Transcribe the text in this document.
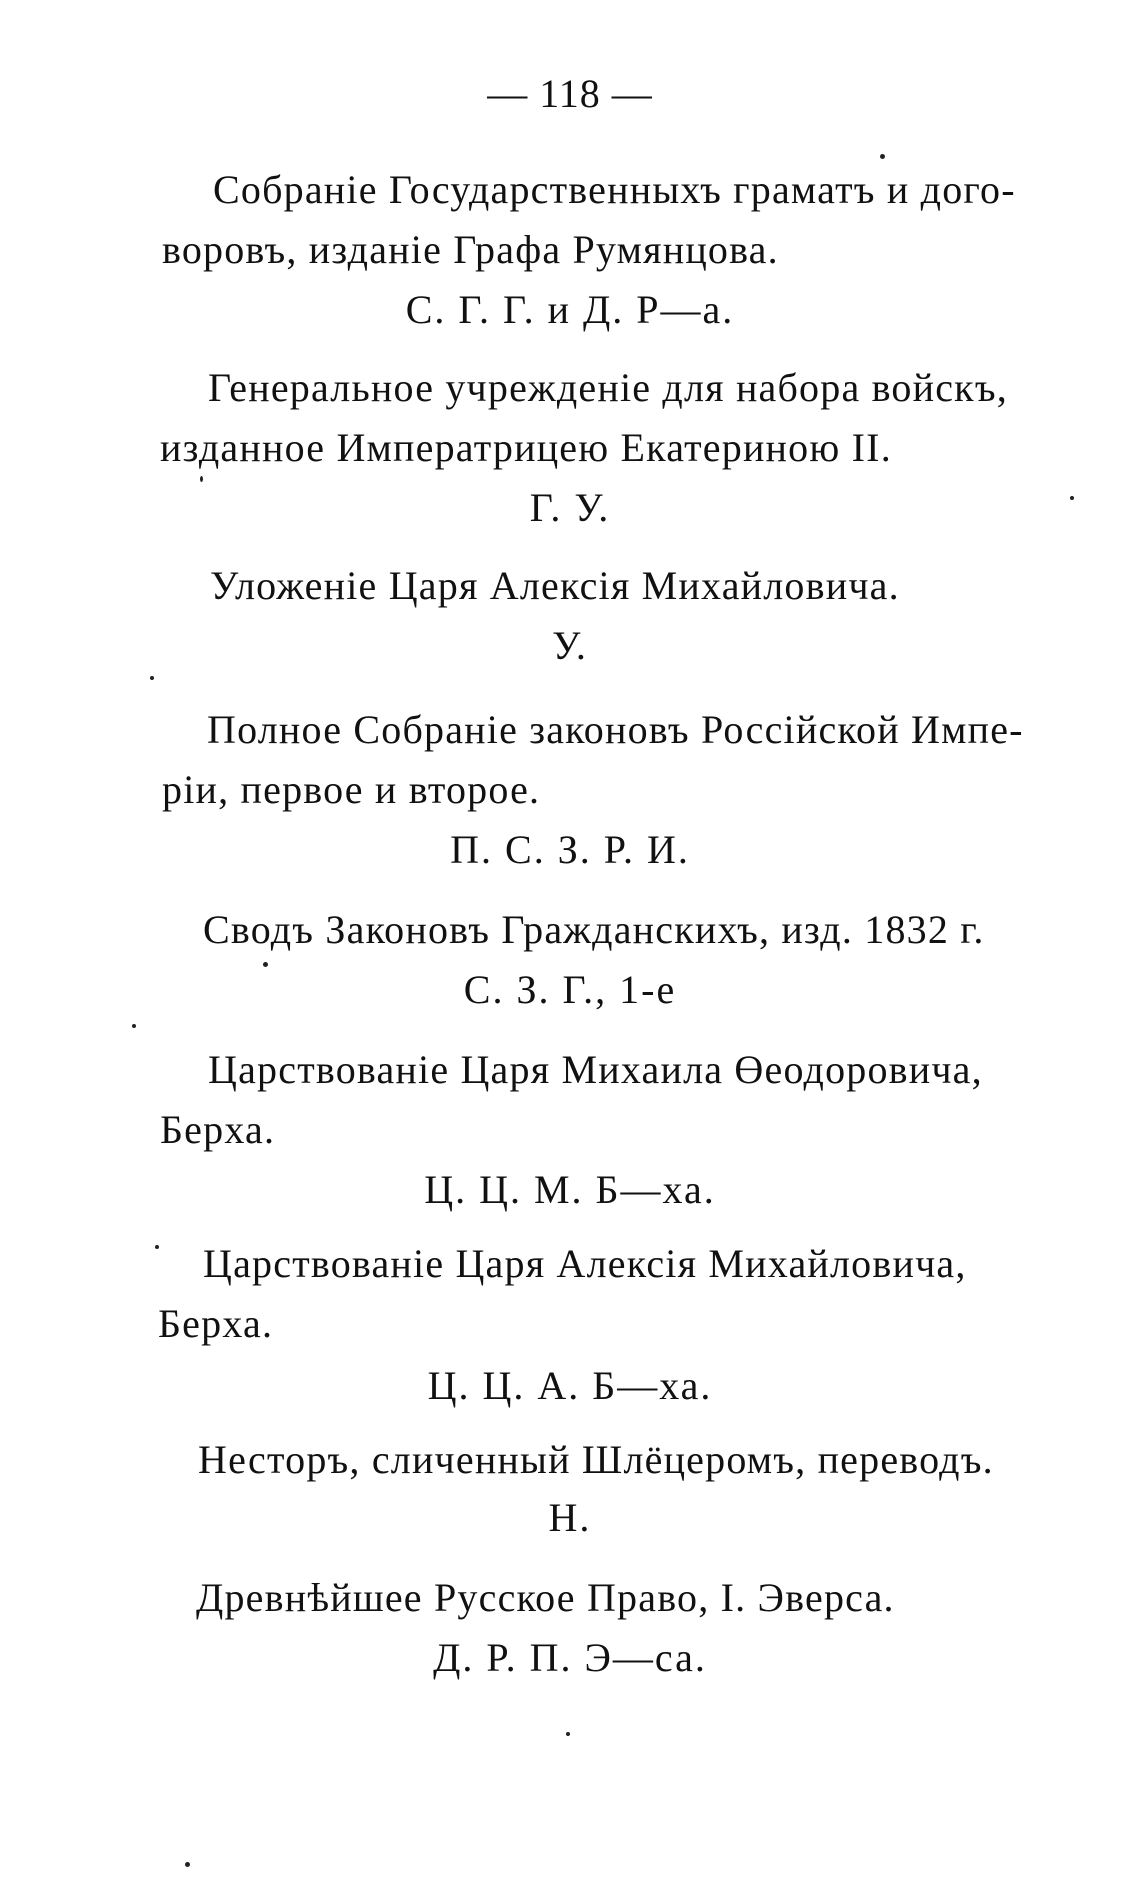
— 118 —
Собраніе Государственныхъ граматъ и дого-
воровъ, изданіе Графа Румянцова.
С. Г. Г. и Д. Р—а.
Генеральное учрежденіе для набора войскъ,
изданное Императрицею Екатериною II.
Г. У.
Уложеніе Царя Алексія Михайловича.
У.
Полное Собраніе законовъ Россійской Импе-
ріи, первое и второе.
П. С. З. Р. И.
Сводъ Законовъ Гражданскихъ, изд. 1832 г.
С. З. Г., 1-е
Царствованіе Царя Михаила Өеодоровича,
Берха.
Ц. Ц. М. Б—ха.
Царствованіе Царя Алексія Михайловича,
Берха.
Ц. Ц. А. Б—ха.
Несторъ, сличенный Шлёцеромъ, переводъ.
Н.
Древнѣйшее Русское Право, І. Эверса.
Д. Р. П. Э—са.
